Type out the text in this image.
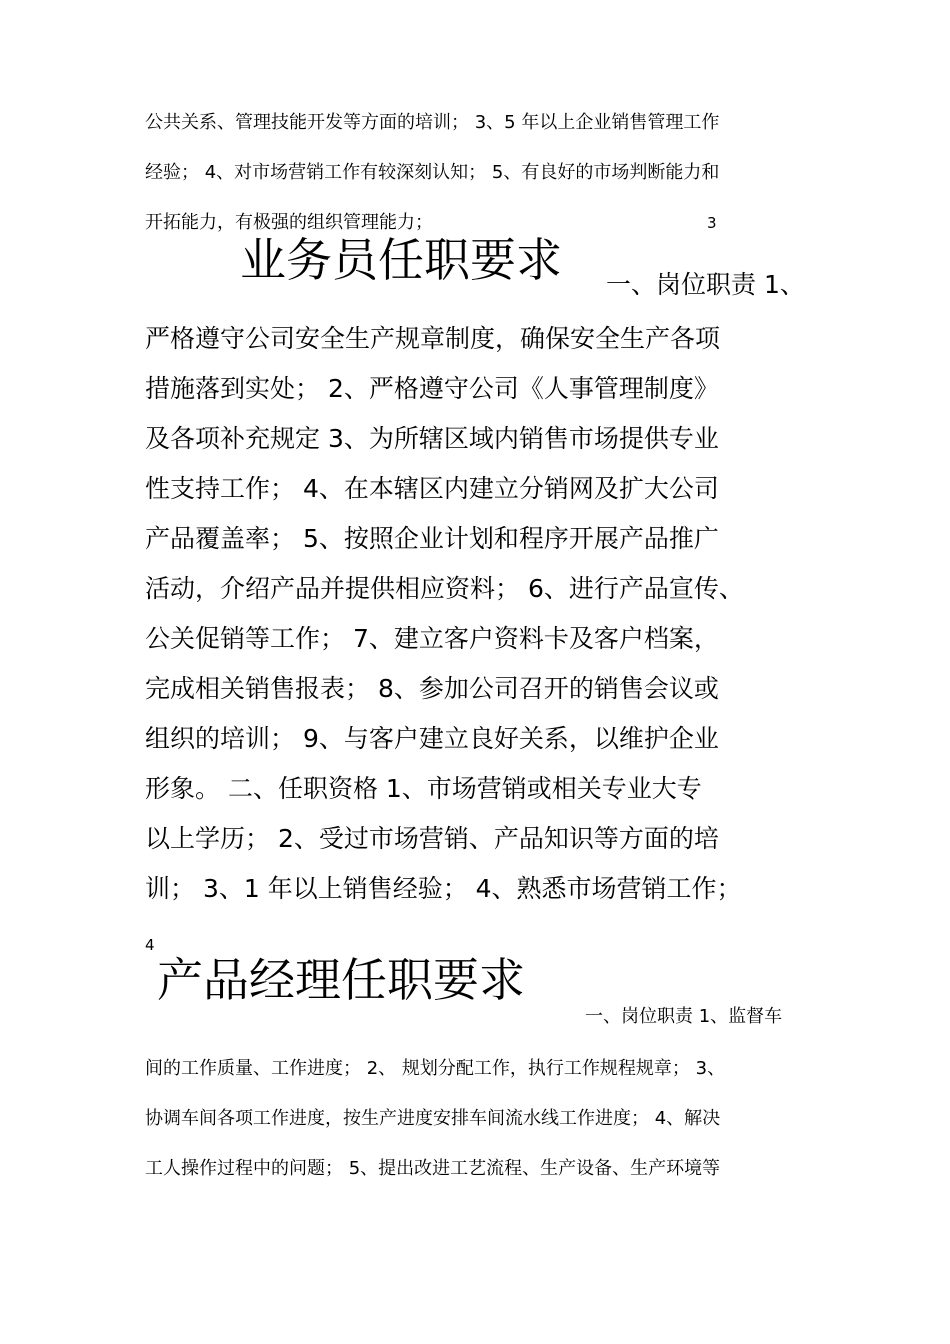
公共关系、管理技能开发等方面的培训； 3、5 年以上企业销售管理工作
经验； 4、对市场营销工作有较深刻认知； 5、有良好的市场判断能力和
开拓能力，有极强的组织管理能力；	3
业务员任职要求 一、岗位职责 1、
严格遵守公司安全生产规章制度，确保安全生产各项
措施落到实处； 2、严格遵守公司《人事管理制度》
及各项补充规定 3、为所辖区域内销售市场提供专业
性支持工作； 4、在本辖区内建立分销网及扩大公司
产品覆盖率； 5、按照企业计划和程序开展产品推广
活动，介绍产品并提供相应资料； 6、进行产品宣传、
公关促销等工作； 7、建立客户资料卡及客户档案，
完成相关销售报表； 8、参加公司召开的销售会议或
组织的培训； 9、与客户建立良好关系，以维护企业
形象。 二、任职资格 1、市场营销或相关专业大专
以上学历； 2、受过市场营销、产品知识等方面的培
训； 3、1 年以上销售经验； 4、熟悉市场营销工作；
4
产品经理任职要求
一、岗位职责 1、监督车
间的工作质量、工作进度； 2、 规划分配工作，执行工作规程规章； 3、
协调车间各项工作进度，按生产进度安排车间流水线工作进度； 4、解决
工人操作过程中的问题； 5、提出改进工艺流程、生产设备、生产环境等
